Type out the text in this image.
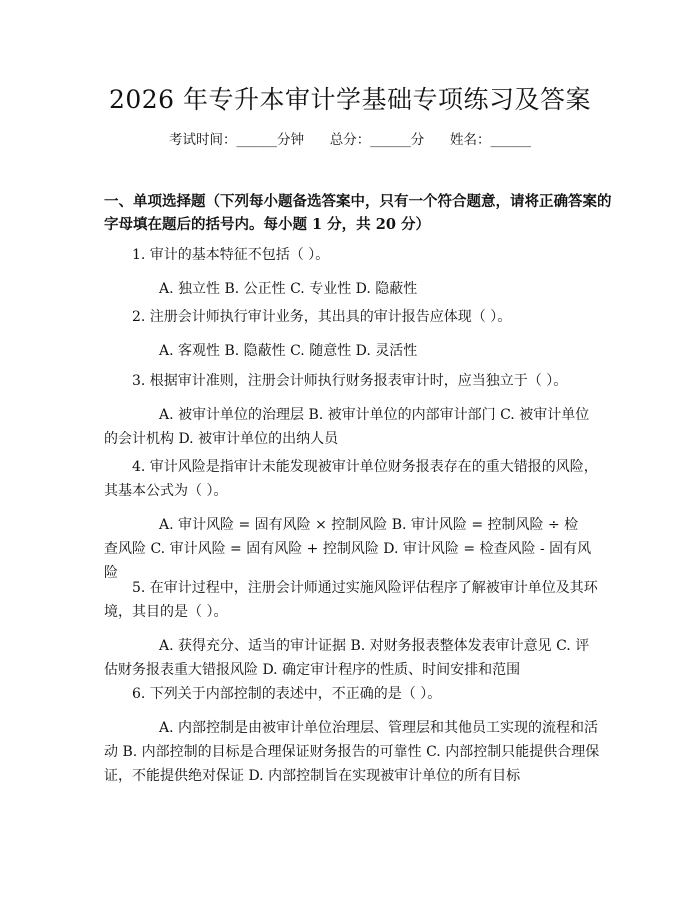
2026 年专升本审计学基础专项练习及答案
考试时间：______分钟 总分：______分 姓名：______
一、单项选择题（下列每小题备选答案中，只有一个符合题意，请将正确答案的
字母填在题后的括号内。每小题 1 分，共 20 分）
1. 审计的基本特征不包括（ ）。
A. 独立性 B. 公正性 C. 专业性 D. 隐蔽性
2. 注册会计师执行审计业务，其出具的审计报告应体现（ ）。
A. 客观性 B. 隐蔽性 C. 随意性 D. 灵活性
3. 根据审计准则，注册会计师执行财务报表审计时，应当独立于（ ）。
A. 被审计单位的治理层 B. 被审计单位的内部审计部门 C. 被审计单位
的会计机构 D. 被审计单位的出纳人员
4. 审计风险是指审计未能发现被审计单位财务报表存在的重大错报的风险，
其基本公式为（ ）。
A. 审计风险 = 固有风险 × 控制风险 B. 审计风险 = 控制风险 ÷ 检
查风险 C. 审计风险 = 固有风险 + 控制风险 D. 审计风险 = 检查风险 - 固有风
险
5. 在审计过程中，注册会计师通过实施风险评估程序了解被审计单位及其环
境，其目的是（ ）。
A. 获得充分、适当的审计证据 B. 对财务报表整体发表审计意见 C. 评
估财务报表重大错报风险 D. 确定审计程序的性质、时间安排和范围
6. 下列关于内部控制的表述中，不正确的是（ ）。
A. 内部控制是由被审计单位治理层、管理层和其他员工实现的流程和活
动 B. 内部控制的目标是合理保证财务报告的可靠性 C. 内部控制只能提供合理保
证，不能提供绝对保证 D. 内部控制旨在实现被审计单位的所有目标
